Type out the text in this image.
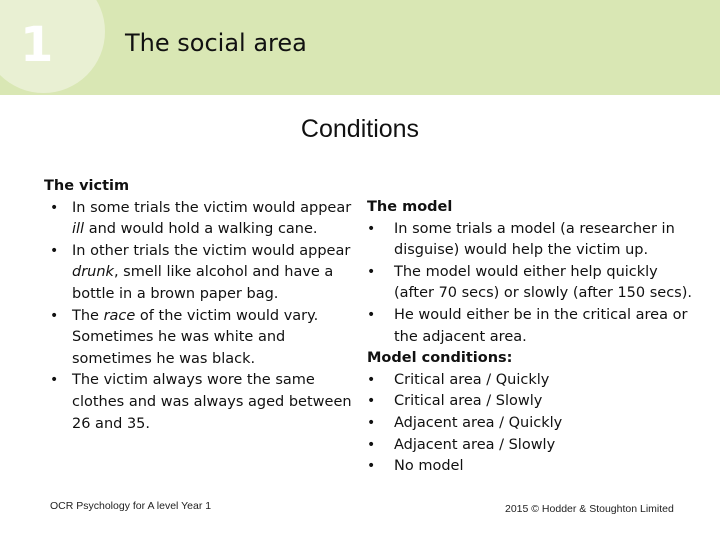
1	The social area
Conditions
The victim
• In some trials the victim would appear ill and would hold a walking cane.
• In other trials the victim would appear drunk, smell like alcohol and have a bottle in a brown paper bag.
• The race of the victim would vary. Sometimes he was white and sometimes he was black.
• The victim always wore the same clothes and was always aged between 26 and 35.
The model
•	In some trials a model (a researcher in disguise) would help the victim up.
•	The model would either help quickly (after 70 secs) or slowly (after 150 secs).
•	He would either be in the critical area or the adjacent area.
Model conditions:
•	Critical area / Quickly
•	Critical area / Slowly
•	Adjacent area / Quickly
•	Adjacent area / Slowly
•	No model
OCR Psychology for A level Year 1	2015 © Hodder & Stoughton Limited
